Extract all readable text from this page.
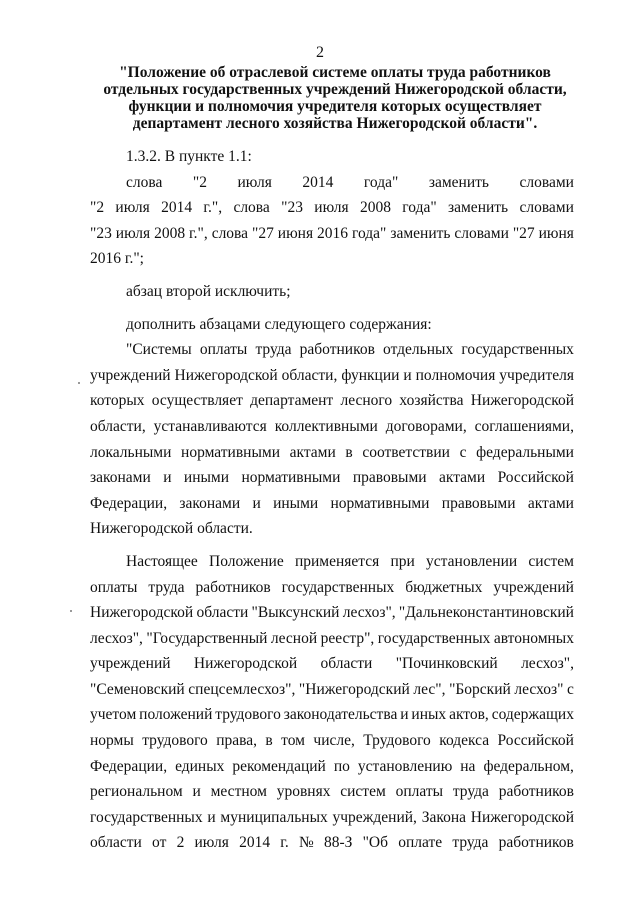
2
"Положение об отраслевой системе оплаты труда работников
отдельных государственных учреждений Нижегородской области,
функции и полномочия учредителя которых осуществляет
департамент лесного хозяйства Нижегородской области".
1.3.2. В пункте 1.1:
слова "2 июля 2014 года" заменить словами
"2 июля 2014 г.", слова "23 июля 2008 года" заменить словами
"23 июля 2008 г.", слова "27 июня 2016 года" заменить словами "27 июня
2016 г.";
абзац второй исключить;
дополнить абзацами следующего содержания:
"Системы оплаты труда работников отдельных государственных
учреждений Нижегородской области, функции и полномочия учредителя
которых осуществляет департамент лесного хозяйства Нижегородской
области, устанавливаются коллективными договорами, соглашениями,
локальными нормативными актами в соответствии с федеральными
законами и иными нормативными правовыми актами Российской
Федерации, законами и иными нормативными правовыми актами
Нижегородской области.
Настоящее Положение применяется при установлении систем
оплаты труда работников государственных бюджетных учреждений
Нижегородской области "Выксунский лесхоз", "Дальнеконстантиновский
лесхоз", "Государственный лесной реестр", государственных автономных
учреждений Нижегородской области "Починковский лесхоз",
"Семеновский спецсемлесхоз", "Нижегородский лес", "Борский лесхоз" с
учетом положений трудового законодательства и иных актов, содержащих
нормы трудового права, в том числе, Трудового кодекса Российской
Федерации, единых рекомендаций по установлению на федеральном,
региональном и местном уровнях систем оплаты труда работников
государственных и муниципальных учреждений, Закона Нижегородской
области от 2 июля 2014 г. № 88-З "Об оплате труда работников
